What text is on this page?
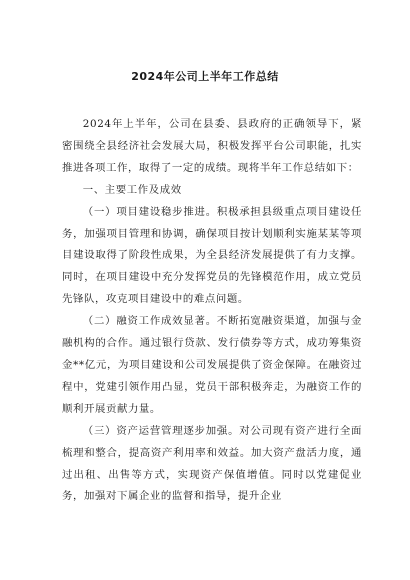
2024年公司上半年工作总结

2024年上半年，公司在县委、县政府的正确领导下，紧密围绕全县经济社会发展大局，积极发挥平台公司职能，扎实推进各项工作，取得了一定的成绩。现将半年工作总结如下：

一、主要工作及成效

（一）项目建设稳步推进。积极承担县级重点项目建设任务，加强项目管理和协调，确保项目按计划顺利实施某某等项目建设取得了阶段性成果，为全县经济发展提供了有力支撑。同时，在项目建设中充分发挥党员的先锋模范作用，成立党员先锋队，攻克项目建设中的难点问题。

（二）融资工作成效显著。不断拓宽融资渠道，加强与金融机构的合作。通过银行贷款、发行债券等方式，成功筹集资金**亿元，为项目建设和公司发展提供了资金保障。在融资过程中，党建引领作用凸显，党员干部积极奔走，为融资工作的顺利开展贡献力量。

（三）资产运营管理逐步加强。对公司现有资产进行全面梳理和整合，提高资产利用率和效益。加大资产盘活力度，通过出租、出售等方式，实现资产保值增值。同时以党建促业务，加强对下属企业的监督和指导，提升企业
